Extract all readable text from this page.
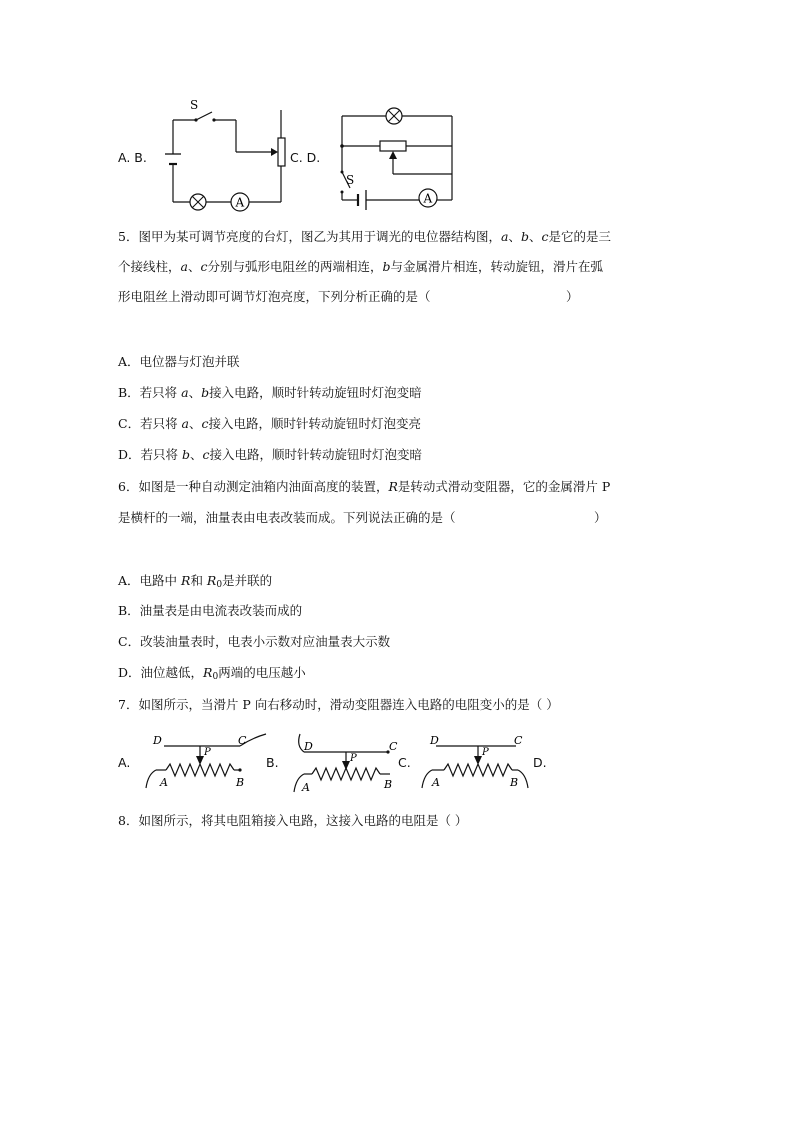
A. B.
A
S
C. D.
A
S
5．图甲为某可调节亮度的台灯，图乙为其用于调光的电位器结构图，a、b、c是它的是三
个接线柱，a、c分别与弧形电阻丝的两端相连，b与金属滑片相连，转动旋钮，滑片在弧
形电阻丝上滑动即可调节灯泡亮度，下列分析正确的是（	）
A．电位器与灯泡并联
B．若只将 a、b接入电路，顺时针转动旋钮时灯泡变暗
C．若只将 a、c接入电路，顺时针转动旋钮时灯泡变亮
D．若只将 b、c接入电路，顺时针转动旋钮时灯泡变暗
6．如图是一种自动测定油箱内油面高度的装置，R是转动式滑动变阻器，它的金属滑片 P
是横杆的一端，油量表由电表改装而成。下列说法正确的是（	）
A．电路中 R和 $R_0$是并联的
B．油量表是由电流表改装而成的
C．改装油量表时，电表小示数对应油量表大示数
D．油位越低，$R_0$两端的电压越小
7．如图所示，当滑片 P 向右移动时，滑动变阻器连入电路的电阻变小的是（ ）
A.
D	C
P
A	B
B.
D	C
P
A	B
C.
D	C
P
A	B
D.
8．如图所示，将其电阻箱接入电路，这接入电路的电阻是（ ）
